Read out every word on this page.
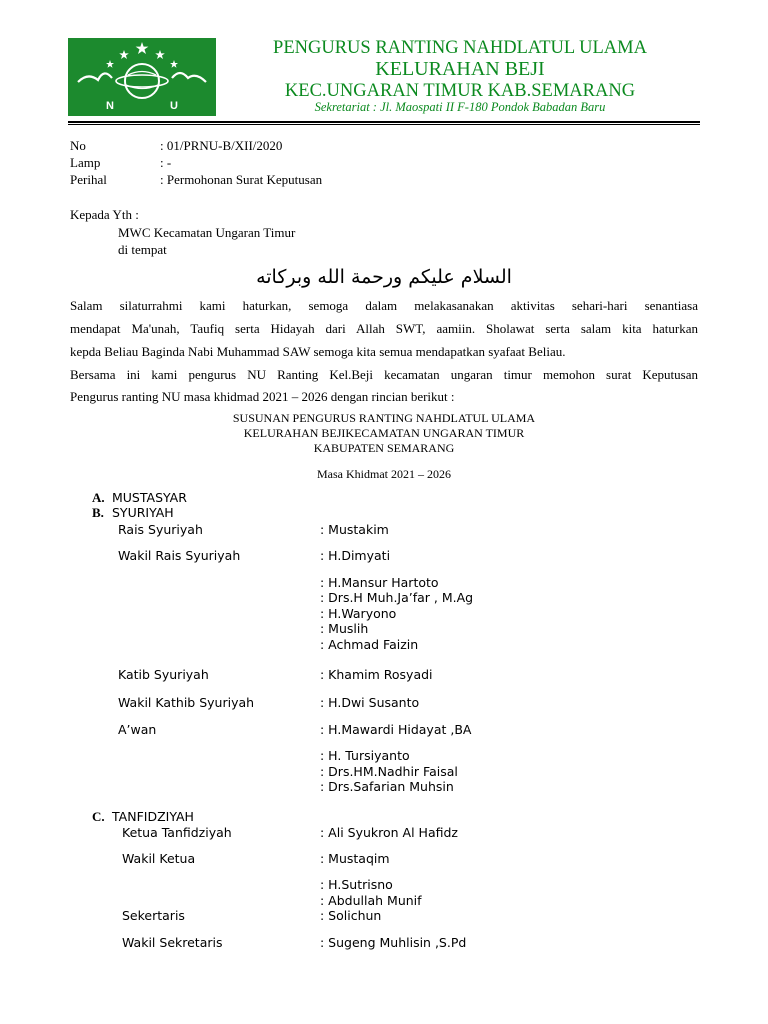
N	U
PENGURUS RANTING NAHDLATUL ULAMA
KELURAHAN BEJI
KEC.UNGARAN TIMUR KAB.SEMARANG
Sekretariat : Jl. Maospati II F-180 Pondok Babadan Baru
No	: 01/PRNU-B/XII/2020
Lamp	: -
Perihal	: Permohonan Surat Keputusan
Kepada Yth :
MWC Kecamatan Ungaran Timur
di tempat
السلام عليكم ورحمة الله وبركاته
Salam silaturrahmi kami haturkan, semoga dalam melakasanakan aktivitas sehari-hari senantiasa
mendapat Ma'unah, Taufiq serta Hidayah dari Allah SWT, aamiin. Sholawat serta salam kita haturkan
kepda Beliau Baginda Nabi Muhammad SAW semoga kita semua mendapatkan syafaat Beliau.
Bersama ini kami pengurus NU Ranting Kel.Beji kecamatan ungaran timur memohon surat Keputusan
Pengurus ranting NU masa khidmad 2021 – 2026 dengan rincian berikut :
SUSUNAN PENGURUS RANTING NAHDLATUL ULAMA
KELURAHAN BEJIKECAMATAN UNGARAN TIMUR
KABUPATEN SEMARANG
Masa Khidmat 2021 – 2026
A. MUSTASYAR
B. SYURIYAH
Rais Syuriyah	: Mustakim
Wakil Rais Syuriyah	: H.Dimyati
: H.Mansur Hartoto
: Drs.H Muh.Ja’far , M.Ag
: H.Waryono
: Muslih
: Achmad Faizin
Katib Syuriyah	: Khamim Rosyadi
Wakil Kathib Syuriyah	: H.Dwi Susanto
A’wan	: H.Mawardi Hidayat ,BA
: H. Tursiyanto
: Drs.HM.Nadhir Faisal
: Drs.Safarian Muhsin
C. TANFIDZIYAH
Ketua Tanfidziyah	: Ali Syukron Al Hafidz
Wakil Ketua	: Mustaqim
: H.Sutrisno
: Abdullah Munif
Sekertaris	: Solichun
Wakil Sekretaris	: Sugeng Muhlisin ,S.Pd
